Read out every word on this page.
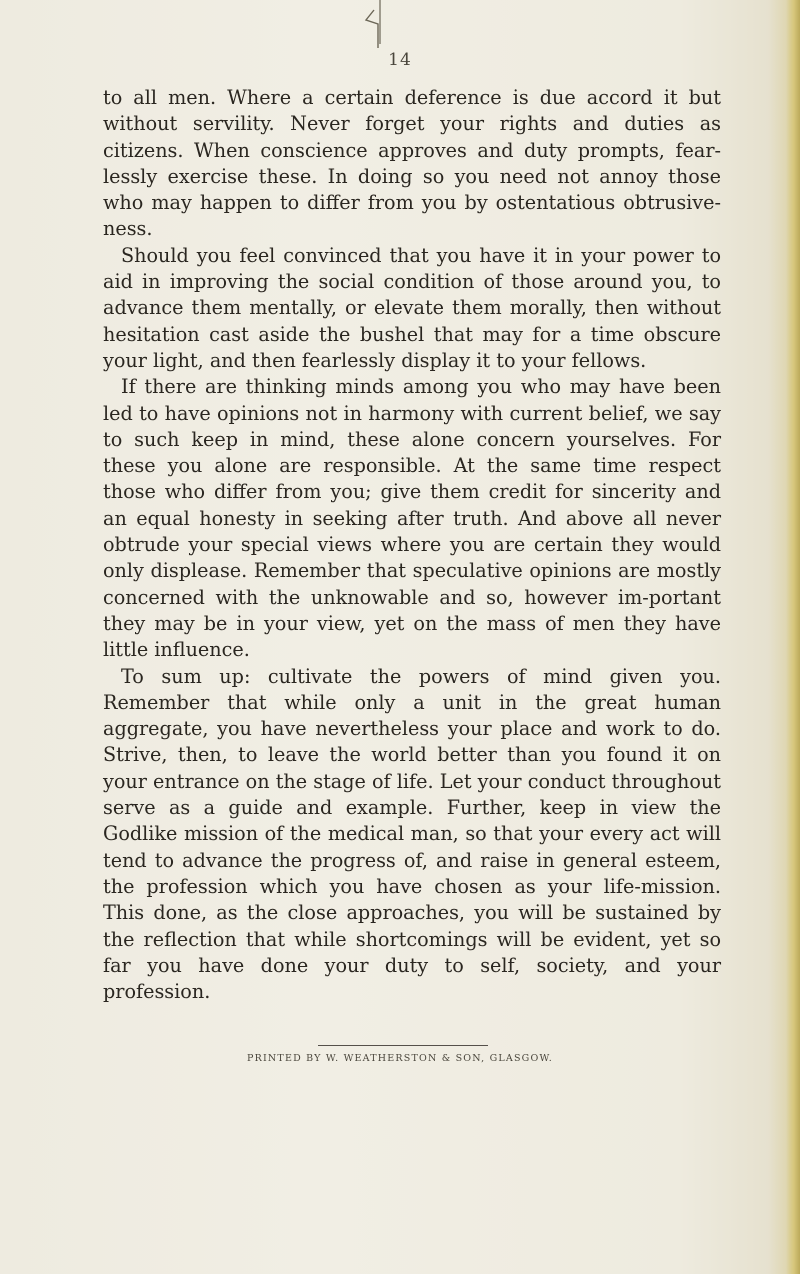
14

to all men. Where a certain deference is due accord it but without servility. Never forget your rights and duties as citizens. When conscience approves and duty prompts, fear-lessly exercise these. In doing so you need not annoy those who may happen to differ from you by ostentatious obtrusive-ness.

Should you feel convinced that you have it in your power to aid in improving the social condition of those around you, to advance them mentally, or elevate them morally, then without hesitation cast aside the bushel that may for a time obscure your light, and then fearlessly display it to your fellows.

If there are thinking minds among you who may have been led to have opinions not in harmony with current belief, we say to such keep in mind, these alone concern yourselves. For these you alone are responsible. At the same time respect those who differ from you; give them credit for sincerity and an equal honesty in seeking after truth. And above all never obtrude your special views where you are certain they would only displease. Remember that speculative opinions are mostly concerned with the unknowable and so, however im-portant they may be in your view, yet on the mass of men they have little influence.

To sum up: cultivate the powers of mind given you. Remember that while only a unit in the great human aggregate, you have nevertheless your place and work to do. Strive, then, to leave the world better than you found it on your entrance on the stage of life. Let your conduct throughout serve as a guide and example. Further, keep in view the Godlike mission of the medical man, so that your every act will tend to advance the progress of, and raise in general esteem, the profession which you have chosen as your life-mission. This done, as the close approaches, you will be sustained by the reflection that while shortcomings will be evident, yet so far you have done your duty to self, society, and your profession.

PRINTED BY W. WEATHERSTON & SON, GLASGOW.
